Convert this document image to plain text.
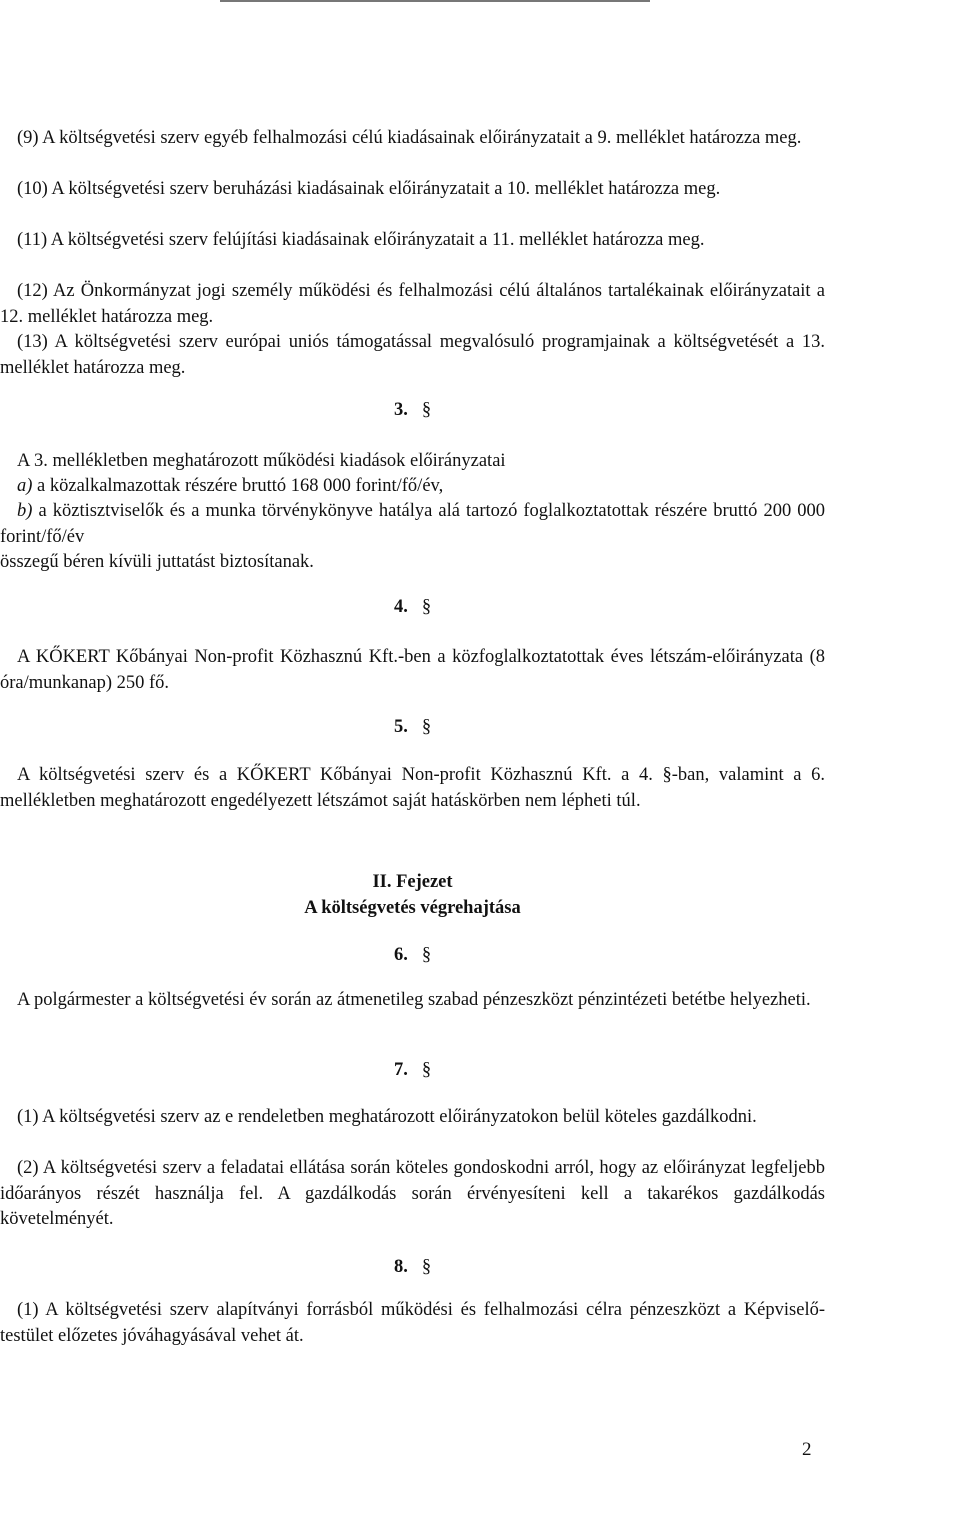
(9) A költségvetési szerv egyéb felhalmozási célú kiadásainak előirányzatait a 9. melléklet határozza meg.

(10) A költségvetési szerv beruházási kiadásainak előirányzatait a 10. melléklet határozza meg.

(11) A költségvetési szerv felújítási kiadásainak előirányzatait a 11. melléklet határozza meg.

(12) Az Önkormányzat jogi személy működési és felhalmozási célú általános tartalékainak előirányzatait a 12. melléklet határozza meg.

(13) A költségvetési szerv európai uniós támogatással megvalósuló programjainak a költségvetését a 13. melléklet határozza meg.

3. §

A 3. mellékletben meghatározott működési kiadások előirányzatai

a) a közalkalmazottak részére bruttó 168 000 forint/fő/év,

b) a köztisztviselők és a munka törvénykönyve hatálya alá tartozó foglalkoztatottak részére bruttó 200 000 forint/fő/év

összegű béren kívüli juttatást biztosítanak.

4. §

A KŐKERT Kőbányai Non-profit Közhasznú Kft.-ben a közfoglalkoztatottak éves létszám-előirányzata (8 óra/munkanap) 250 fő.

5. §

A költségvetési szerv és a KŐKERT Kőbányai Non-profit Közhasznú Kft. a 4. §-ban, valamint a 6. mellékletben meghatározott engedélyezett létszámot saját hatáskörben nem lépheti túl.

II. Fejezet
A költségvetés végrehajtása
6. §

A polgármester a költségvetési év során az átmenetileg szabad pénzeszközt pénzintézeti betétbe helyezheti.

7. §

(1) A költségvetési szerv az e rendeletben meghatározott előirányzatokon belül köteles gazdálkodni.

(2) A költségvetési szerv a feladatai ellátása során köteles gondoskodni arról, hogy az előirányzat legfeljebb időarányos részét használja fel. A gazdálkodás során érvényesíteni kell a takarékos gazdálkodás követelményét.

8. §

(1) A költségvetési szerv alapítványi forrásból működési és felhalmozási célra pénzeszközt a Képviselő-testület előzetes jóváhagyásával vehet át.

2
